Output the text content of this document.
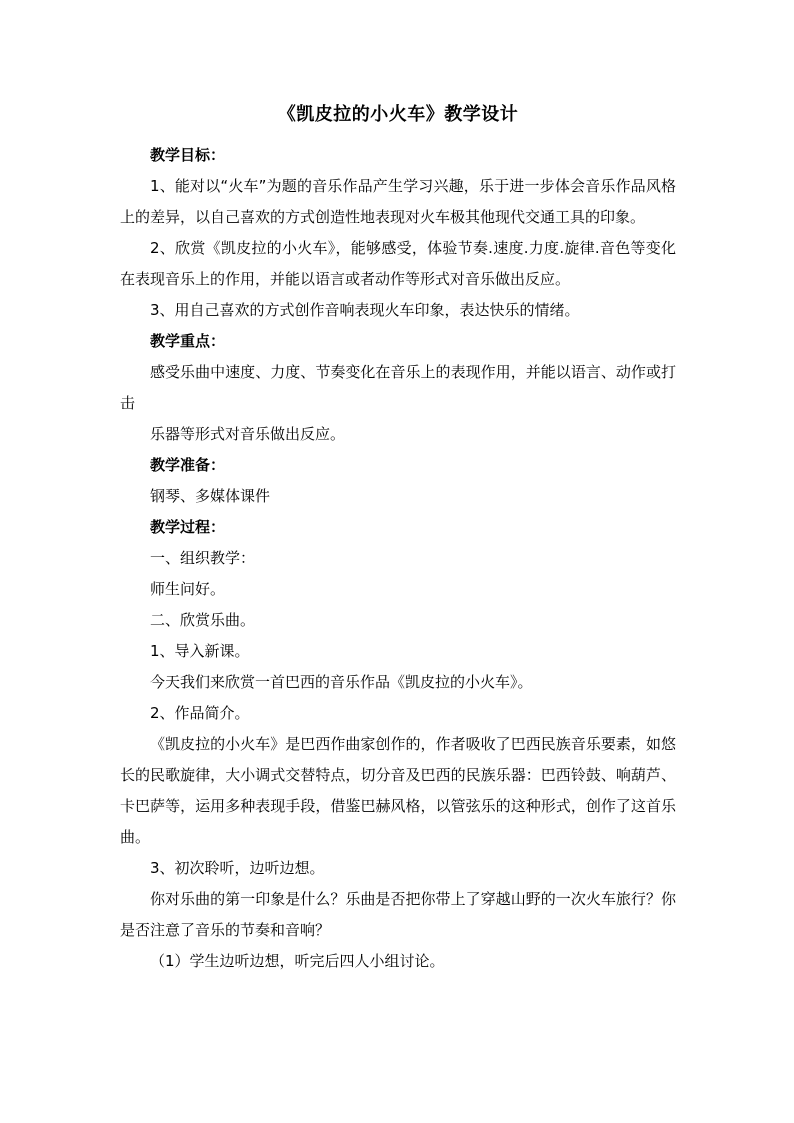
《凯皮拉的小火车》教学设计

教学目标：

1、能对以“火车”为题的音乐作品产生学习兴趣，乐于进一步体会音乐作品风格上的差异，以自己喜欢的方式创造性地表现对火车极其他现代交通工具的印象。

2、欣赏《凯皮拉的小火车》，能够感受，体验节奏.速度.力度.旋律.音色等变化在表现音乐上的作用，并能以语言或者动作等形式对音乐做出反应。

3、用自己喜欢的方式创作音响表现火车印象，表达快乐的情绪。

教学重点：

感受乐曲中速度、力度、节奏变化在音乐上的表现作用，并能以语言、动作或打击

乐器等形式对音乐做出反应。

教学准备：

钢琴、多媒体课件

教学过程：

一、组织教学：

师生问好。

二、欣赏乐曲。

1、导入新课。

今天我们来欣赏一首巴西的音乐作品《凯皮拉的小火车》。

2、作品简介。

《凯皮拉的小火车》是巴西作曲家创作的，作者吸收了巴西民族音乐要素，如悠长的民歌旋律，大小调式交替特点，切分音及巴西的民族乐器：巴西铃鼓、响葫芦、卡巴萨等，运用多种表现手段，借鉴巴赫风格，以管弦乐的这种形式，创作了这首乐曲。

3、初次聆听，边听边想。

你对乐曲的第一印象是什么？乐曲是否把你带上了穿越山野的一次火车旅行？你是否注意了音乐的节奏和音响？

（1）学生边听边想，听完后四人小组讨论。
